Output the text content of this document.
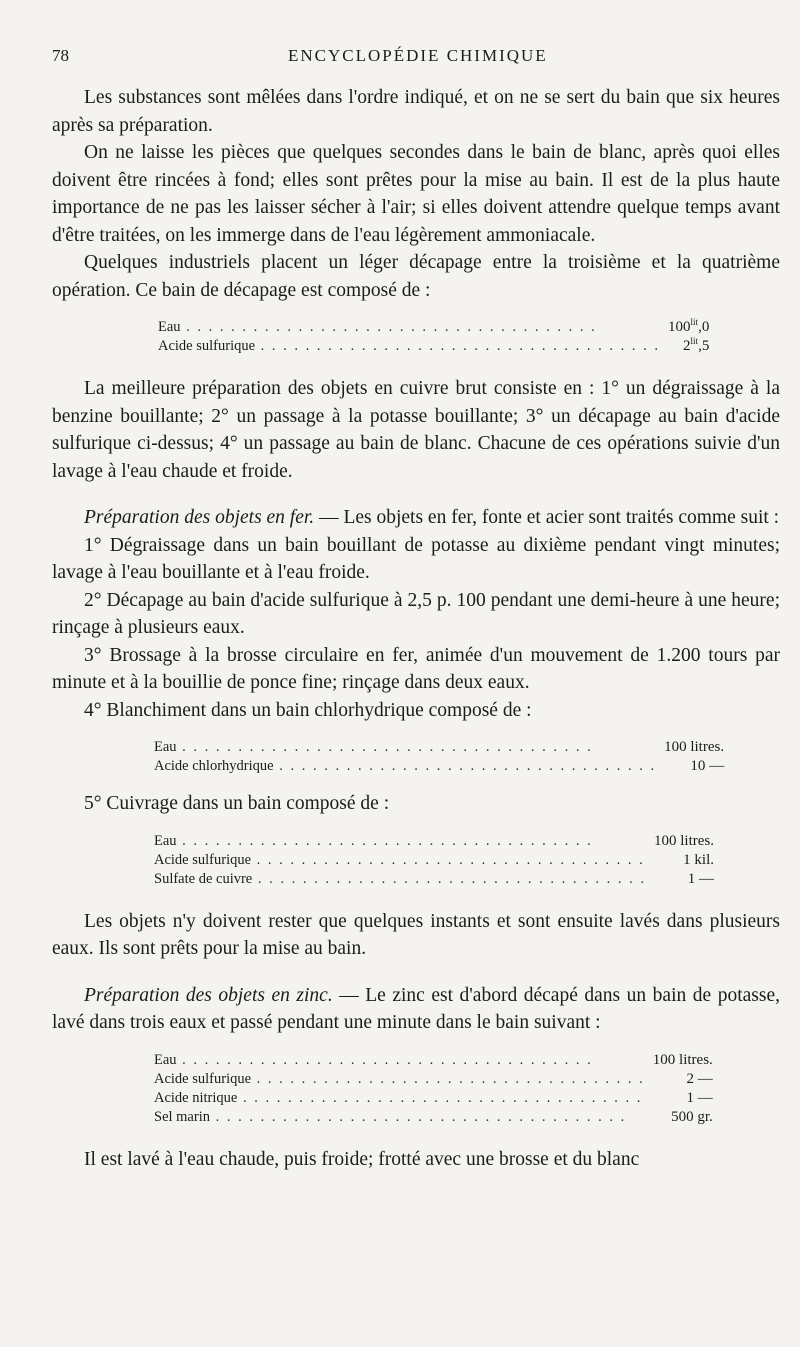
78	ENCYCLOPÉDIE CHIMIQUE

Les substances sont mêlées dans l'ordre indiqué, et on ne se sert du bain que six heures après sa préparation.

On ne laisse les pièces que quelques secondes dans le bain de blanc, après quoi elles doivent être rincées à fond; elles sont prêtes pour la mise au bain. Il est de la plus haute importance de ne pas les laisser sécher à l'air; si elles doivent attendre quelque temps avant d'être traitées, on les immerge dans de l'eau légèrement ammoniacale.

Quelques industriels placent un léger décapage entre la troisième et la quatrième opération. Ce bain de décapage est composé de :

Eau . . . . . . . . . . . . . . . . . . . . . . . . . . . . . . . . . . . . .	$100^{lit},0$
Acide sulfurique . . . . . . . . . . . . . . . . . . . . . . . . . . . . . . . . . . . .	$2^{lit},5$

La meilleure préparation des objets en cuivre brut consiste en : 1° un dégraissage à la benzine bouillante; 2° un passage à la potasse bouillante; 3° un décapage au bain d'acide sulfurique ci-dessus; 4° un passage au bain de blanc. Chacune de ces opérations suivie d'un lavage à l'eau chaude et froide.

Préparation des objets en fer. — Les objets en fer, fonte et acier sont traités comme suit :

1° Dégraissage dans un bain bouillant de potasse au dixième pendant vingt minutes; lavage à l'eau bouillante et à l'eau froide.

2° Décapage au bain d'acide sulfurique à 2,5 p. 100 pendant une demi-heure à une heure; rinçage à plusieurs eaux.

3° Brossage à la brosse circulaire en fer, animée d'un mouvement de 1.200 tours par minute et à la bouillie de ponce fine; rinçage dans deux eaux.

4° Blanchiment dans un bain chlorhydrique composé de :

Eau . . . . . . . . . . . . . . . . . . . . . . . . . . . . . . . . . . . . .	100 litres.
Acide chlorhydrique . . . . . . . . . . . . . . . . . . . . . . . . . . . . . . . . . .	10 —

5° Cuivrage dans un bain composé de :

Eau . . . . . . . . . . . . . . . . . . . . . . . . . . . . . . . . . . . . .	100 litres.
Acide sulfurique . . . . . . . . . . . . . . . . . . . . . . . . . . . . . . . . . . .	1 kil.
Sulfate de cuivre . . . . . . . . . . . . . . . . . . . . . . . . . . . . . . . . . . .	1 —

Les objets n'y doivent rester que quelques instants et sont ensuite lavés dans plusieurs eaux. Ils sont prêts pour la mise au bain.

Préparation des objets en zinc. — Le zinc est d'abord décapé dans un bain de potasse, lavé dans trois eaux et passé pendant une minute dans le bain suivant :

Eau . . . . . . . . . . . . . . . . . . . . . . . . . . . . . . . . . . . . .	100 litres.
Acide sulfurique . . . . . . . . . . . . . . . . . . . . . . . . . . . . . . . . . . .	2 —
Acide nitrique . . . . . . . . . . . . . . . . . . . . . . . . . . . . . . . . . . . .	1 —
Sel marin . . . . . . . . . . . . . . . . . . . . . . . . . . . . . . . . . . . . .	500 gr.

Il est lavé à l'eau chaude, puis froide; frotté avec une brosse et du blanc
